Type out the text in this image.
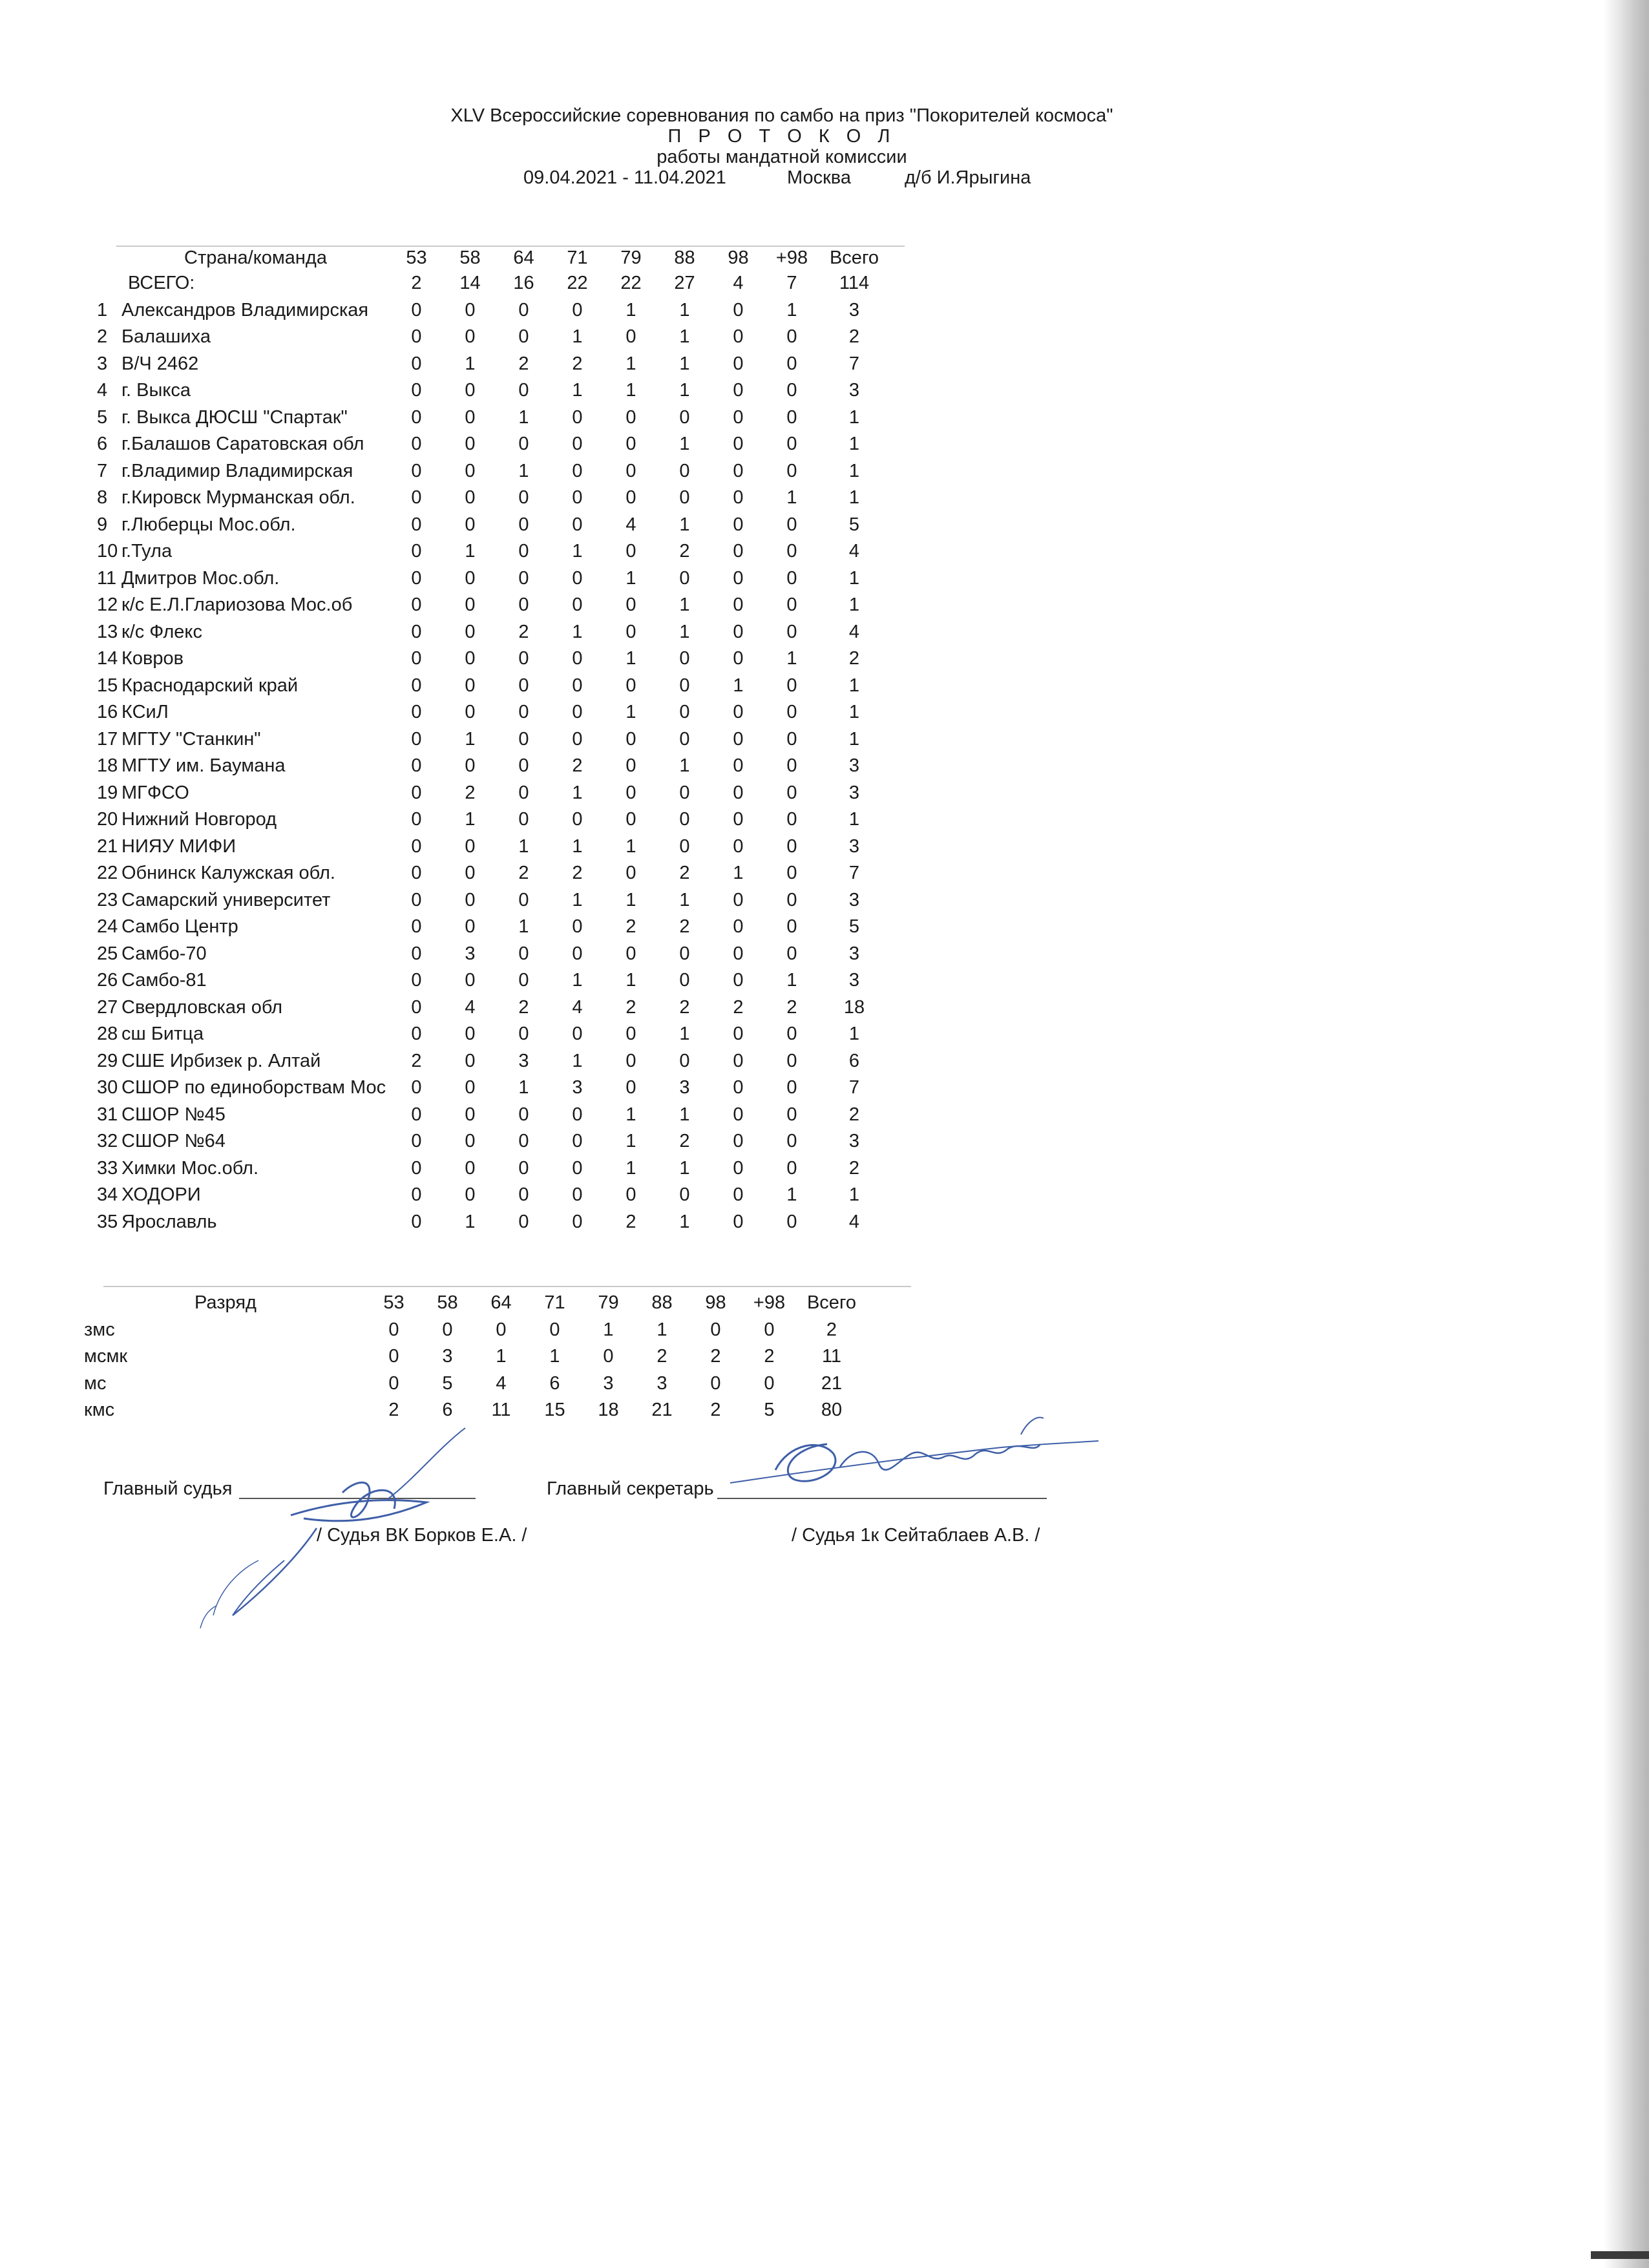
XLV Всероссийские соревнования по самбо на приз "Покорителей космоса"
П Р О Т О К О Л
работы мандатной комиссии
09.04.2021 - 11.04.2021	Москва	д/б И.Ярыгина
	Страна/команда	53	58	64	71	79	88	98	+98	Всего
	ВСЕГО:	2	14	16	22	22	27	4	7	114
1	Александров Владимирская	0	0	0	0	1	1	0	1	3
2	Балашиха	0	0	0	1	0	1	0	0	2
3	В/Ч 2462	0	1	2	2	1	1	0	0	7
4	г. Выкса	0	0	0	1	1	1	0	0	3
5	г. Выкса ДЮСШ "Спартак"	0	0	1	0	0	0	0	0	1
6	г.Балашов Саратовская обл	0	0	0	0	0	1	0	0	1
7	г.Владимир Владимирская	0	0	1	0	0	0	0	0	1
8	г.Кировск Мурманская обл.	0	0	0	0	0	0	0	1	1
9	г.Люберцы Мос.обл.	0	0	0	0	4	1	0	0	5
10	г.Тула	0	1	0	1	0	2	0	0	4
11	Дмитров Мос.обл.	0	0	0	0	1	0	0	0	1
12	к/с Е.Л.Глариозова Мос.об	0	0	0	0	0	1	0	0	1
13	к/с Флекс	0	0	2	1	0	1	0	0	4
14	Ковров	0	0	0	0	1	0	0	1	2
15	Краснодарский край	0	0	0	0	0	0	1	0	1
16	КСиЛ	0	0	0	0	1	0	0	0	1
17	МГТУ "Станкин"	0	1	0	0	0	0	0	0	1
18	МГТУ им. Баумана	0	0	0	2	0	1	0	0	3
19	МГФСО	0	2	0	1	0	0	0	0	3
20	Нижний Новгород	0	1	0	0	0	0	0	0	1
21	НИЯУ МИФИ	0	0	1	1	1	0	0	0	3
22	Обнинск Калужская обл.	0	0	2	2	0	2	1	0	7
23	Самарский университет	0	0	0	1	1	1	0	0	3
24	Самбо Центр	0	0	1	0	2	2	0	0	5
25	Самбо-70	0	3	0	0	0	0	0	0	3
26	Самбо-81	0	0	0	1	1	0	0	1	3
27	Свердловская обл	0	4	2	4	2	2	2	2	18
28	сш Битца	0	0	0	0	0	1	0	0	1
29	СШЕ Ирбизек р. Алтай	2	0	3	1	0	0	0	0	6
30	СШОР по единоборствам Мос	0	0	1	3	0	3	0	0	7
31	СШОР №45	0	0	0	0	1	1	0	0	2
32	СШОР №64	0	0	0	0	1	2	0	0	3
33	Химки Мос.обл.	0	0	0	0	1	1	0	0	2
34	ХОДОРИ	0	0	0	0	0	0	0	1	1
35	Ярославль	0	1	0	0	2	1	0	0	4
Разряд	53	58	64	71	79	88	98	+98	Всего
змс	0	0	0	0	1	1	0	0	2
мсмк	0	3	1	1	0	2	2	2	11
мс	0	5	4	6	3	3	0	0	21
кмс	2	6	11	15	18	21	2	5	80
Главный судья
/ Судья ВК Борков Е.А. /
Главный секретарь
/ Судья 1к Сейтаблаев А.В. /
